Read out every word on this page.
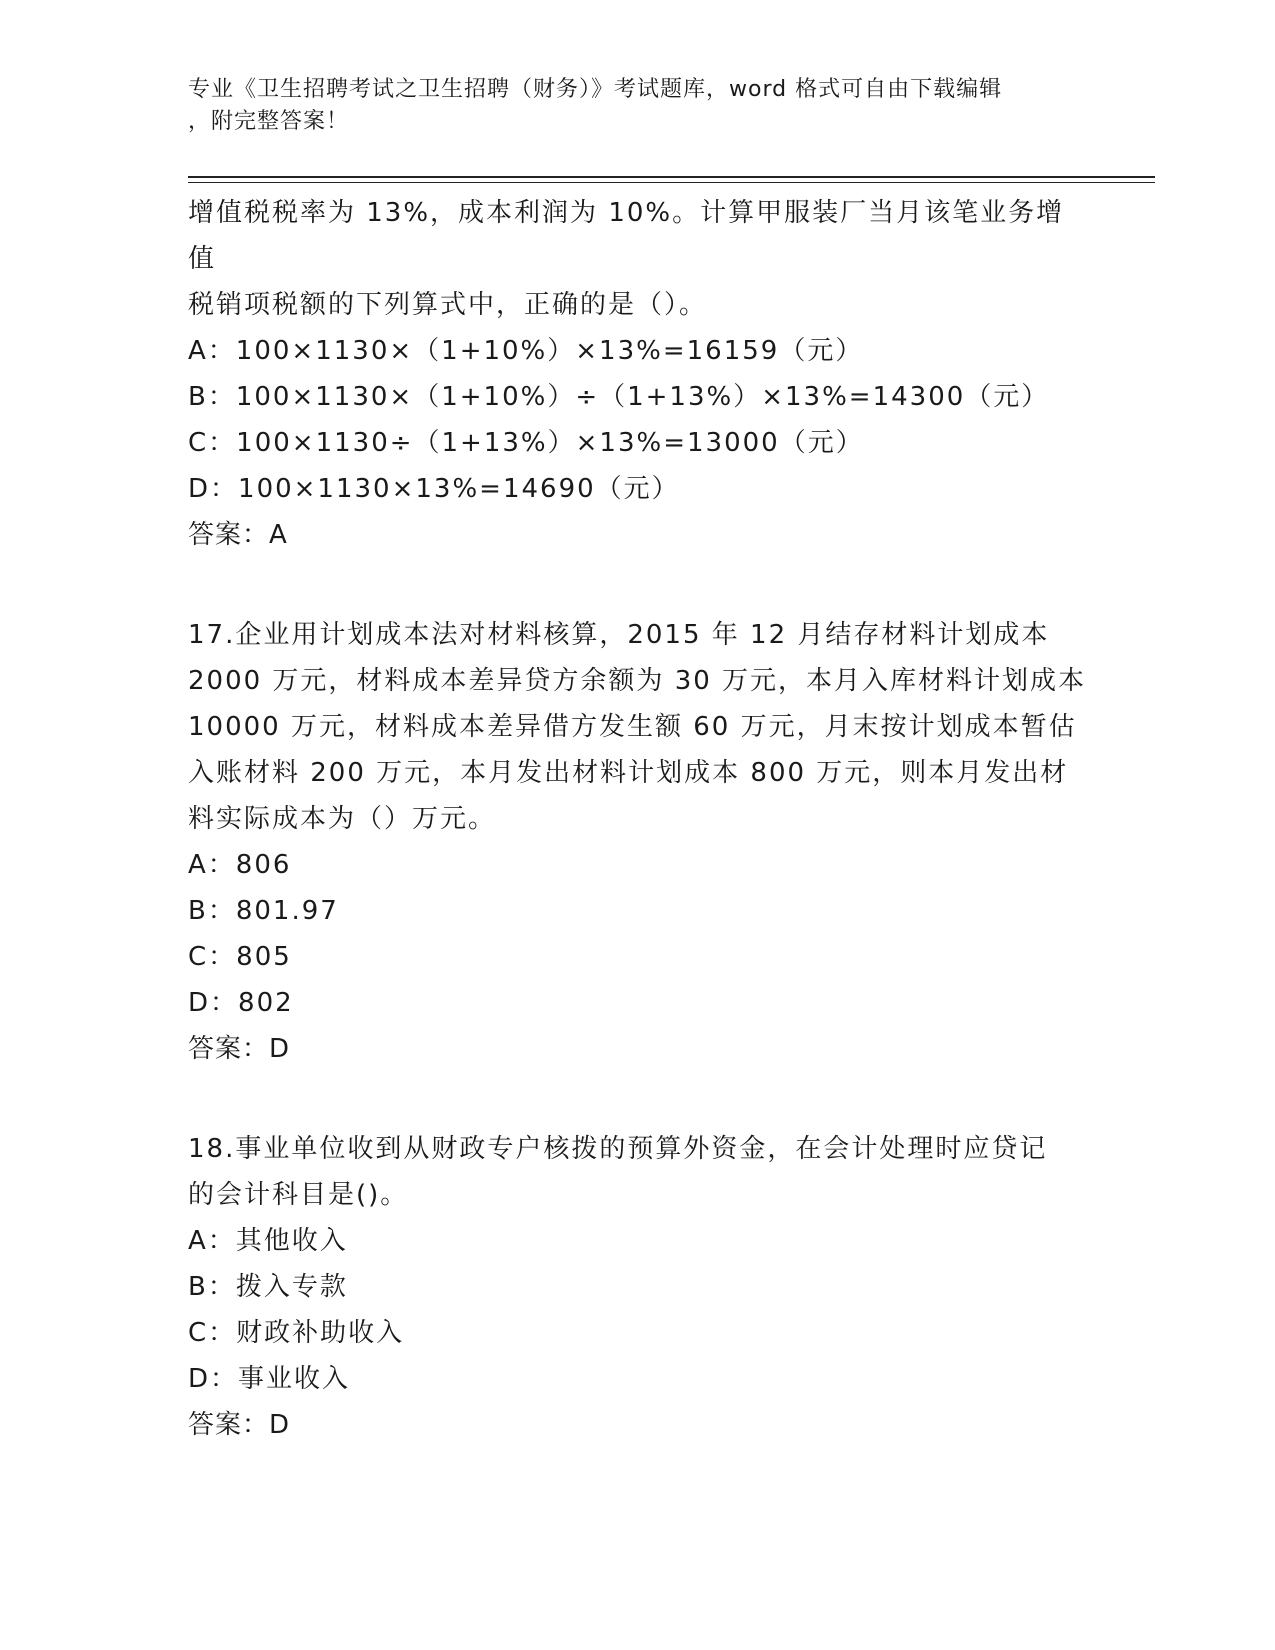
专业《卫生招聘考试之卫生招聘（财务）》考试题库，word 格式可自由下载编辑
，附完整答案！

增值税税率为 13%，成本利润为 10%。计算甲服装厂当月该笔业务增值

税销项税额的下列算式中，正确的是（）。

A：100×1130×（1+10%）×13%=16159（元）

B：100×1130×（1+10%）÷（1+13%）×13%=14300（元）

C：100×1130÷（1+13%）×13%=13000（元）

D：100×1130×13%=14690（元）

答案：A

17.企业用计划成本法对材料核算，2015 年 12 月结存材料计划成本

2000 万元，材料成本差异贷方余额为 30 万元，本月入库材料计划成本

10000 万元，材料成本差异借方发生额 60 万元，月末按计划成本暂估

入账材料 200 万元，本月发出材料计划成本 800 万元，则本月发出材

料实际成本为（）万元。

A：806

B：801.97

C：805

D：802

答案：D

18.事业单位收到从财政专户核拨的预算外资金，在会计处理时应贷记

的会计科目是()。

A：其他收入

B：拨入专款

C：财政补助收入

D：事业收入

答案：D
